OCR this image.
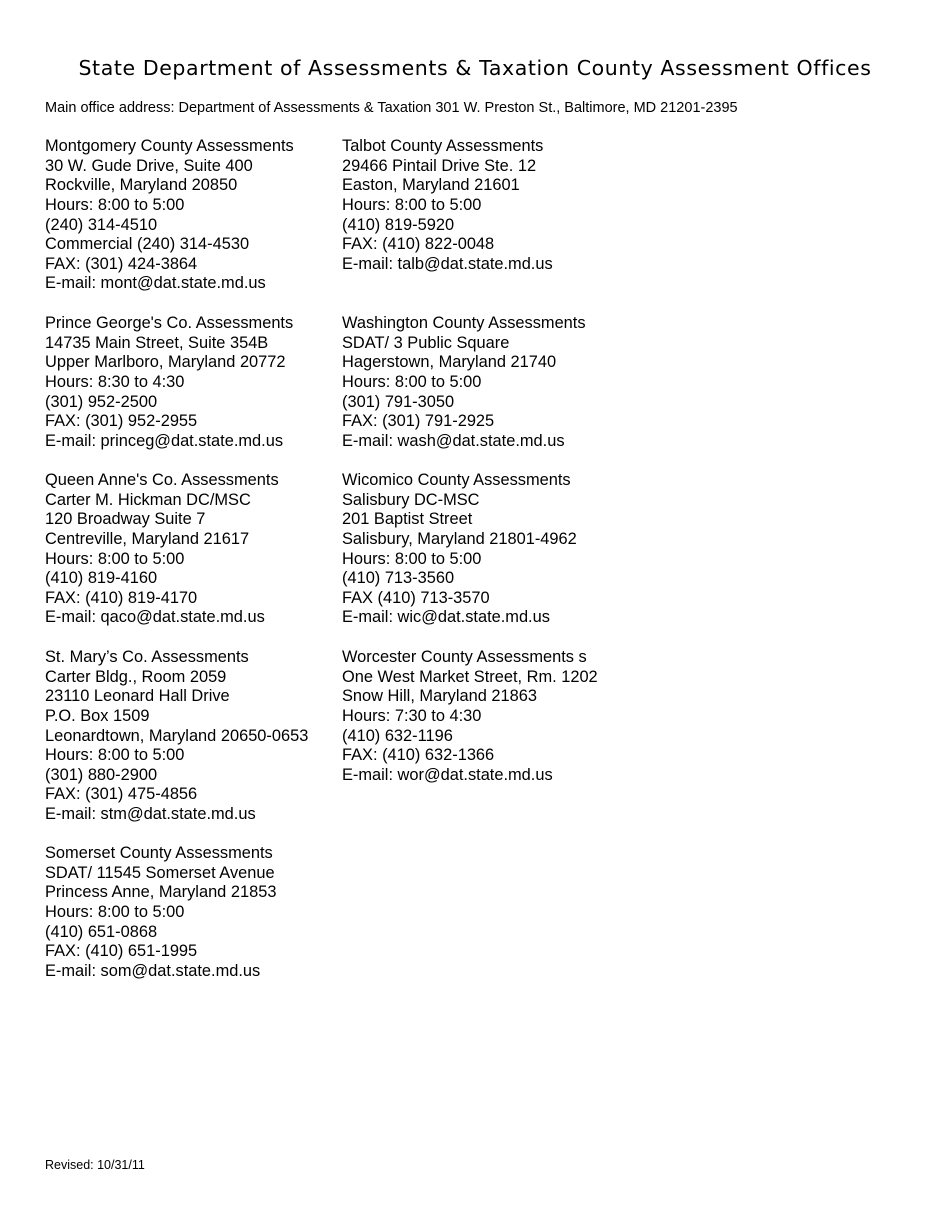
State Department of Assessments & Taxation County Assessment Offices
Main office address: Department of Assessments & Taxation 301 W. Preston St., Baltimore, MD 21201-2395
Montgomery County Assessments
30 W. Gude Drive, Suite 400
Rockville, Maryland 20850
Hours: 8:00 to 5:00
(240) 314-4510
Commercial (240) 314-4530
FAX: (301) 424-3864
E-mail: mont@dat.state.md.us
Prince George's Co. Assessments
14735 Main Street, Suite 354B
Upper Marlboro, Maryland 20772
Hours: 8:30 to 4:30
(301) 952-2500
FAX: (301) 952-2955
E-mail: princeg@dat.state.md.us
Queen Anne's Co. Assessments
Carter M. Hickman DC/MSC
120 Broadway Suite 7
Centreville, Maryland 21617
Hours: 8:00 to 5:00
(410) 819-4160
FAX: (410) 819-4170
E-mail: qaco@dat.state.md.us
St. Mary’s Co. Assessments
Carter Bldg., Room 2059
23110 Leonard Hall Drive
P.O. Box 1509
Leonardtown, Maryland 20650-0653
Hours: 8:00 to 5:00
(301) 880-2900
FAX: (301) 475-4856
E-mail: stm@dat.state.md.us
Somerset County Assessments
SDAT/ 11545 Somerset Avenue
Princess Anne, Maryland 21853
Hours: 8:00 to 5:00
(410) 651-0868
FAX: (410) 651-1995
E-mail: som@dat.state.md.us
Talbot County Assessments
29466 Pintail Drive Ste. 12
Easton, Maryland 21601
Hours: 8:00 to 5:00
(410) 819-5920
FAX: (410) 822-0048
E-mail: talb@dat.state.md.us
Washington County Assessments
SDAT/ 3 Public Square
Hagerstown, Maryland 21740
Hours: 8:00 to 5:00
(301) 791-3050
FAX: (301) 791-2925
E-mail: wash@dat.state.md.us
Wicomico County Assessments
Salisbury DC-MSC
201 Baptist Street
Salisbury, Maryland 21801-4962
Hours: 8:00 to 5:00
(410) 713-3560
FAX (410) 713-3570
E-mail: wic@dat.state.md.us
Worcester County Assessments s
One West Market Street, Rm. 1202
Snow Hill, Maryland 21863
Hours: 7:30 to 4:30
(410) 632-1196
FAX: (410) 632-1366
E-mail: wor@dat.state.md.us
Revised: 10/31/11
